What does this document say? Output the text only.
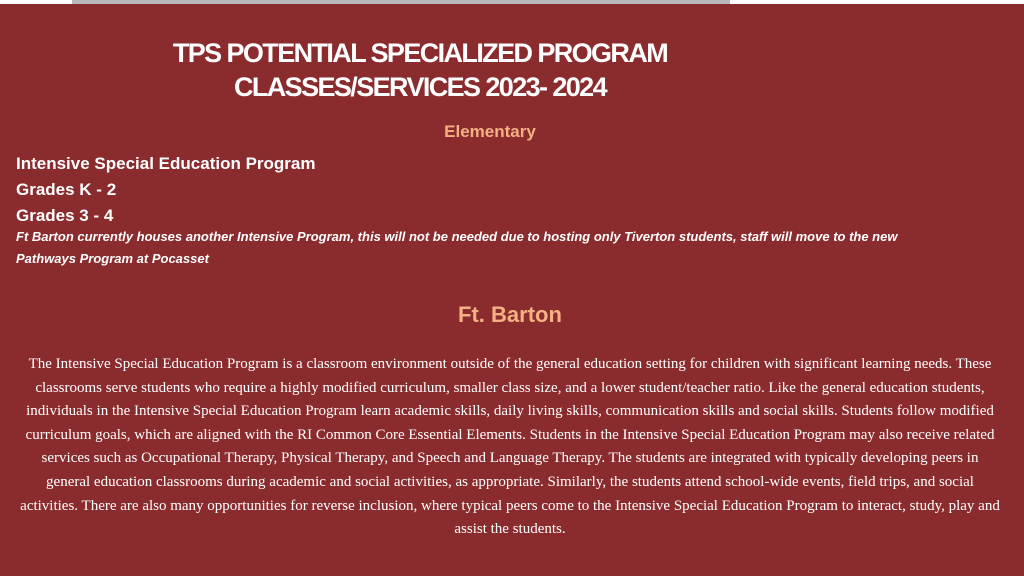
TPS POTENTIAL SPECIALIZED PROGRAM
CLASSES/SERVICES 2023- 2024
Elementary
Intensive Special Education Program
Grades K - 2
Grades 3 - 4
Ft Barton currently houses another Intensive Program, this will not be needed due to hosting only Tiverton students, staff will move to the new Pathways Program at Pocasset
Ft. Barton
The Intensive Special Education Program is a classroom environment outside of the general education setting for children with significant learning needs. These classrooms serve students who require a highly modified curriculum, smaller class size, and a lower student/teacher ratio. Like the general education students, individuals in the Intensive Special Education Program learn academic skills, daily living skills, communication skills and social skills. Students follow modified curriculum goals, which are aligned with the RI Common Core Essential Elements. Students in the Intensive Special Education Program may also receive related services such as Occupational Therapy, Physical Therapy, and Speech and Language Therapy. The students are integrated with typically developing peers in general education classrooms during academic and social activities, as appropriate. Similarly, the students attend school-wide events, field trips, and social activities. There are also many opportunities for reverse inclusion, where typical peers come to the Intensive Special Education Program to interact, study, play and assist the students.
